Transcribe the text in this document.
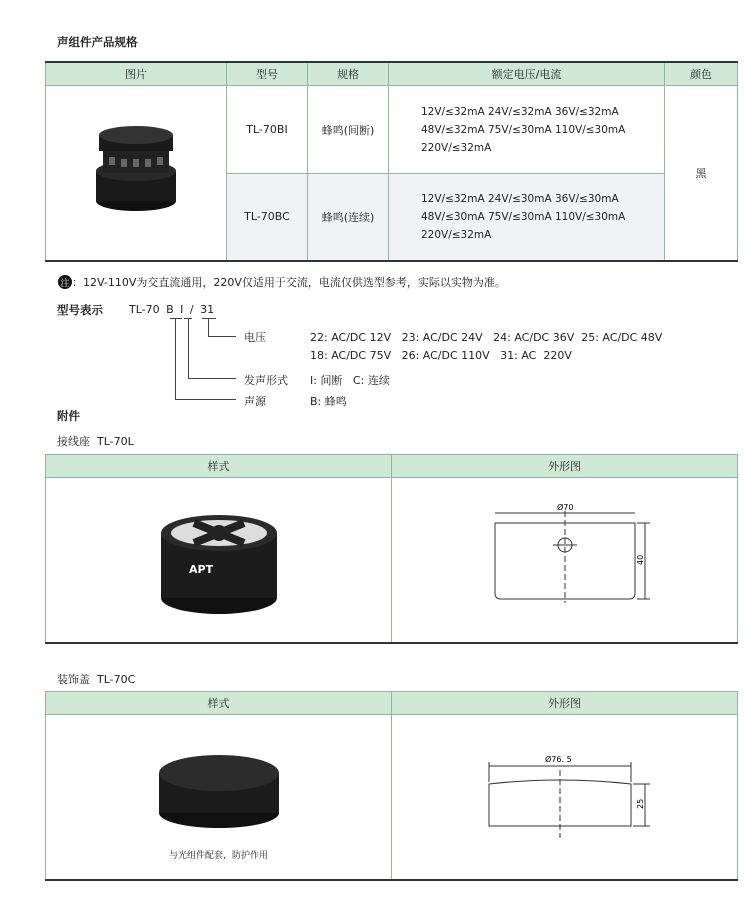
声组件产品规格
图片	型号	规格	额定电压/电流	颜色
	TL-70BI	蜂鸣(间断)	12V/≤32mA 24V/≤32mA 36V/≤32mA
48V/≤32mA 75V/≤30mA 110V/≤30mA
220V/≤32mA	黑
	TL-70BC	蜂鸣(连续)	12V/≤32mA 24V/≤30mA 36V/≤30mA
48V/≤30mA 75V/≤30mA 110V/≤30mA
220V/≤32mA	
注 ：12V-110V为交直流通用，220V仅适用于交流，电流仅供选型参考，实际以实物为准。
型号表示 TL-70 B I / 31
电压	22: AC/DC 12V   23: AC/DC 24V   24: AC/DC 36V  25: AC/DC 48V
18: AC/DC 75V   26: AC/DC 110V   31: AC  220V
发声形式 I: 间断   C: 连续
声源	B: 蜂鸣
附件
接线座  TL-70L
样式	外形图

APT	Ø70
40
装饰盖  TL-70C
样式	外形图

与光组件配套，防护作用	Ø76. 5
25
